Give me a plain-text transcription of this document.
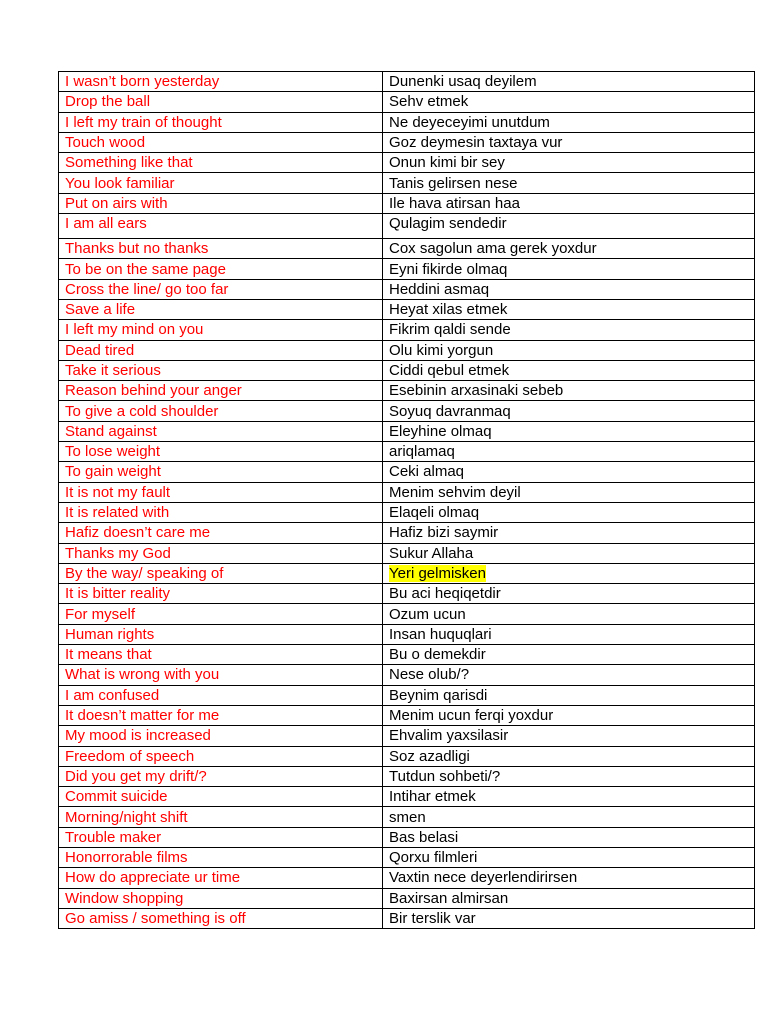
I wasn’t born yesterday	Dunenki usaq deyilem
Drop the ball	Sehv etmek
I left my train of thought	Ne deyeceyimi unutdum
Touch wood	Goz deymesin taxtaya vur
Something like that	Onun kimi bir sey
You look familiar	Tanis gelirsen nese
Put on airs with	Ile hava atirsan haa
I am all ears	Qulagim sendedir
Thanks but no thanks	Cox sagolun ama gerek yoxdur
To be on the same page	Eyni fikirde olmaq
Cross the line/ go too far	Heddini asmaq
Save a life	Heyat xilas etmek
I left my mind on you	Fikrim qaldi sende
Dead tired	Olu kimi yorgun
Take it serious	Ciddi qebul etmek
Reason behind your anger	Esebinin arxasinaki sebeb
To give a cold shoulder	Soyuq davranmaq
Stand against	Eleyhine olmaq
To lose weight	ariqlamaq
To gain weight	Ceki almaq
It is not my fault	Menim sehvim deyil
It is related with	Elaqeli olmaq
Hafiz doesn’t care me	Hafiz bizi saymir
Thanks my God	Sukur Allaha
By the way/ speaking of	Yeri gelmisken
It is bitter reality	Bu aci heqiqetdir
For myself	Ozum ucun
Human rights	Insan huquqlari
It means that	Bu o demekdir
What is wrong with you	Nese olub/?
I am confused	Beynim qarisdi
It doesn’t matter for me	Menim ucun ferqi yoxdur
My mood is increased	Ehvalim yaxsilasir
Freedom of speech	Soz azadligi
Did you get my drift/?	Tutdun sohbeti/?
Commit suicide	Intihar etmek
Morning/night shift	smen
Trouble maker	Bas belasi
Honorrorable films	Qorxu filmleri
How do appreciate ur time	Vaxtin nece deyerlendirirsen
Window shopping	Baxirsan almirsan
Go amiss / something is off	Bir terslik var
